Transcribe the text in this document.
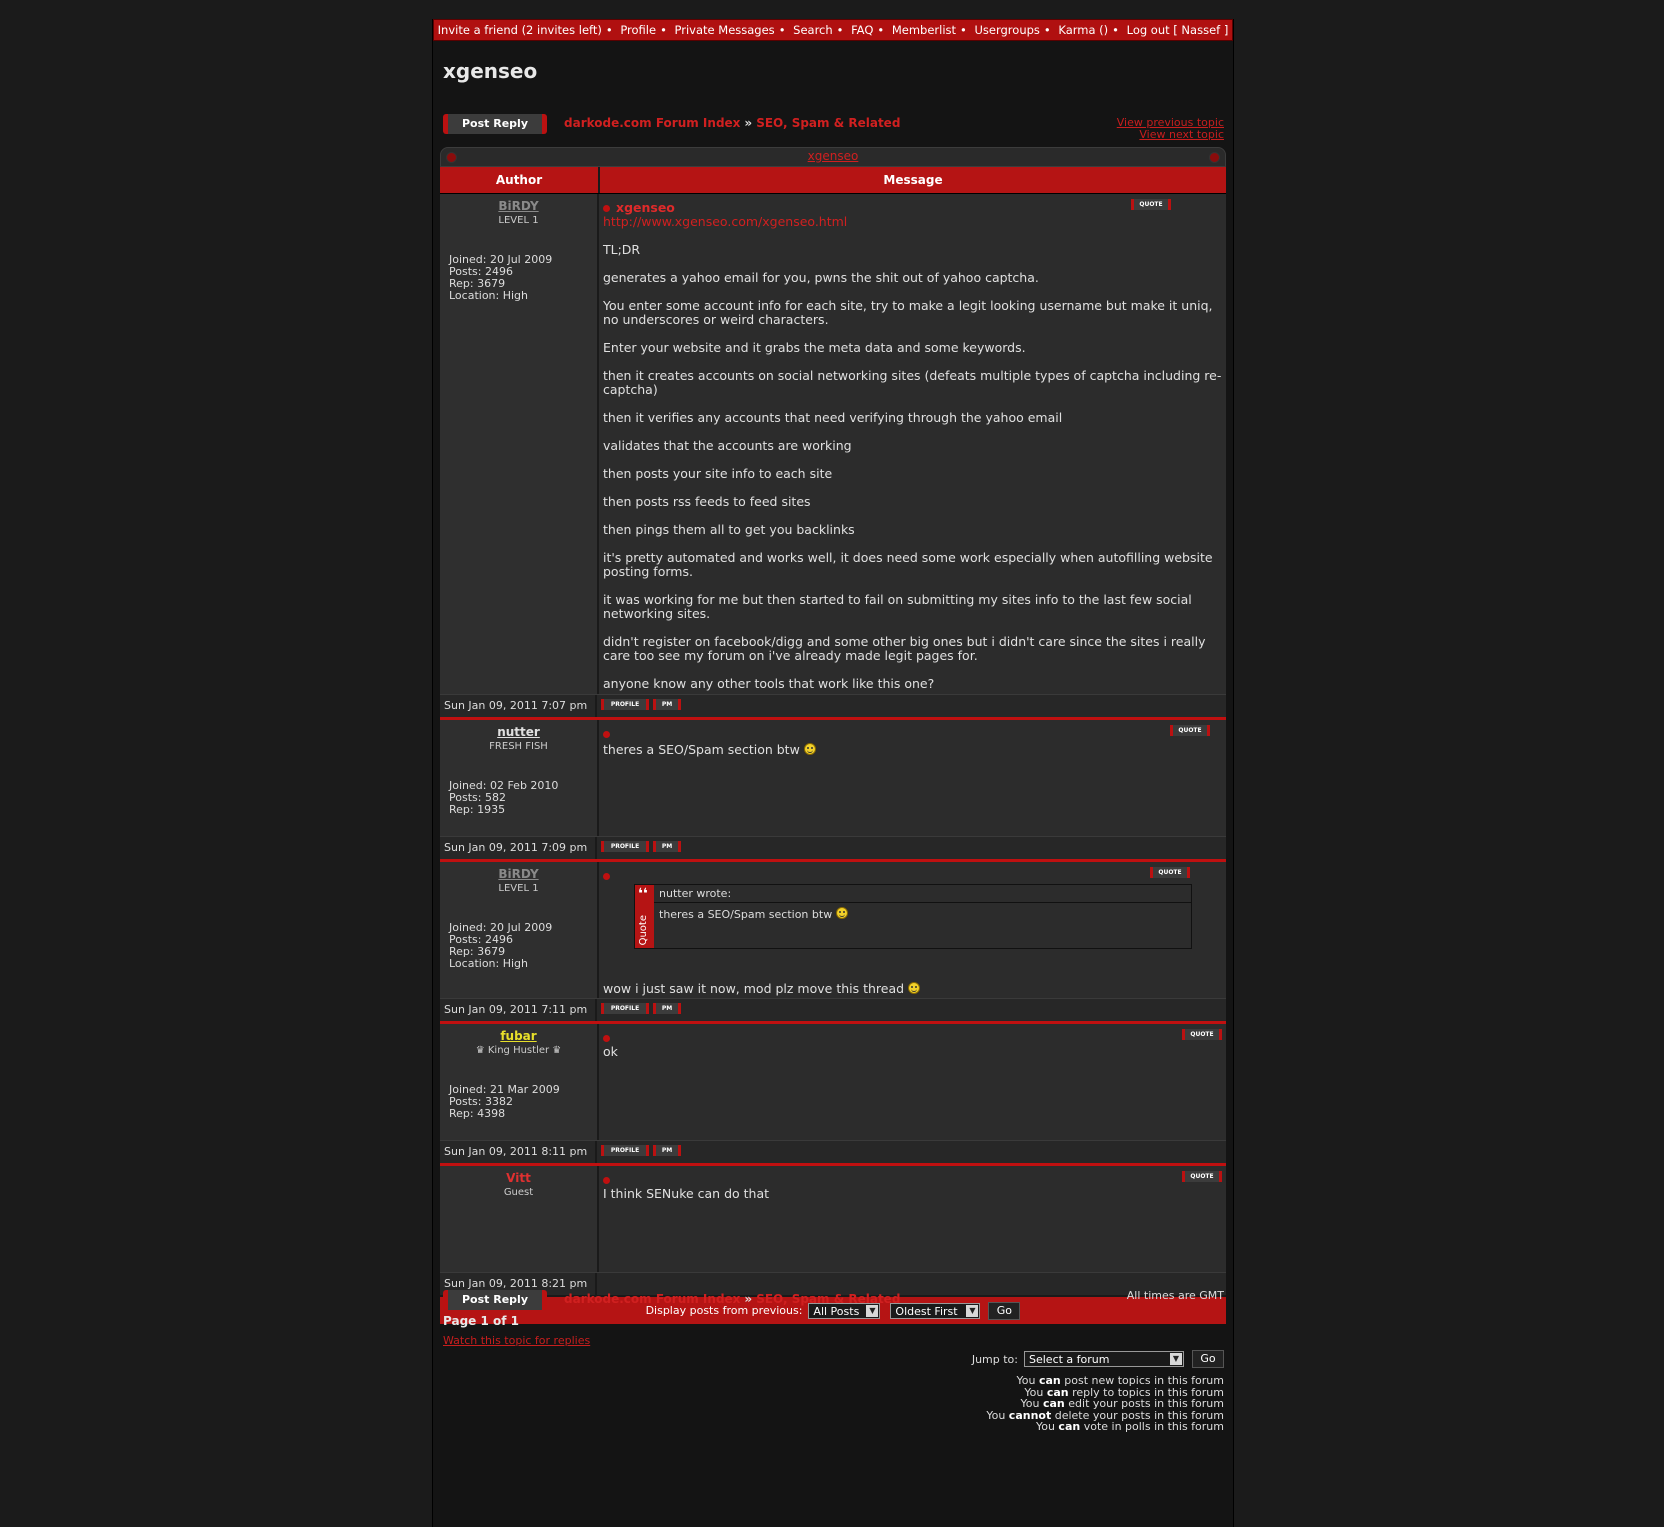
Invite a friend (2 invites left) • Profile • Private Messages • Search • FAQ • Memberlist • Usergroups • Karma () • Log out [ Nassef ]
xgenseo
Post Reply	darkode.com Forum Index » SEO, Spam & Related	View previous topic
View next topic
xgenseo
Author	Message
BiRDY
LEVEL 1
Joined: 20 Jul 2009
Posts: 2496
Rep: 3679
Location: High
QUOTE
xgenseo

http://www.xgenseo.com/xgenseo.html

TL;DR

generates a yahoo email for you, pwns the shit out of yahoo captcha.

You enter some account info for each site, try to make a legit looking username but make it uniq, no underscores or weird characters.

Enter your website and it grabs the meta data and some keywords.

then it creates accounts on social networking sites (defeats multiple types of captcha including re-captcha)

then it verifies any accounts that need verifying through the yahoo email

validates that the accounts are working

then posts your site info to each site

then posts rss feeds to feed sites

then pings them all to get you backlinks

it's pretty automated and works well, it does need some work especially when autofilling website posting forms.

it was working for me but then started to fail on submitting my sites info to the last few social networking sites.

didn't register on facebook/digg and some other big ones but i didn't care since the sites i really care too see my forum on i've already made legit pages for.

anyone know any other tools that work like this one?

Sun Jan 09, 2011 7:07 pm	PROFILE	PM
nutter
FRESH FISH
Joined: 02 Feb 2010
Posts: 582
Rep: 1935
QUOTE

theres a SEO/Spam section btw

Sun Jan 09, 2011 7:09 pm	PROFILE	PM
BiRDY
LEVEL 1
Joined: 20 Jul 2009
Posts: 2496
Rep: 3679
Location: High
QUOTE
❛❛
Quote
nutter wrote:
theres a SEO/Spam section btw

wow i just saw it now, mod plz move this thread

Sun Jan 09, 2011 7:11 pm	PROFILE	PM
fubar
♛ King Hustler ♛
Joined: 21 Mar 2009
Posts: 3382
Rep: 4398
QUOTE

ok

Sun Jan 09, 2011 8:11 pm	PROFILE	PM
Vitt
Guest
QUOTE

I think SENuke can do that

Sun Jan 09, 2011 8:21 pm
Display posts from previous:	All Posts	▼	Oldest First	▼	Go
Post Reply	darkode.com Forum Index » SEO, Spam & Related	All times are GMT
Page 1 of 1
Watch this topic for replies
Jump to:	Select a forum	▼	Go
You can post new topics in this forum
You can reply to topics in this forum
You can edit your posts in this forum
You cannot delete your posts in this forum
You can vote in polls in this forum
